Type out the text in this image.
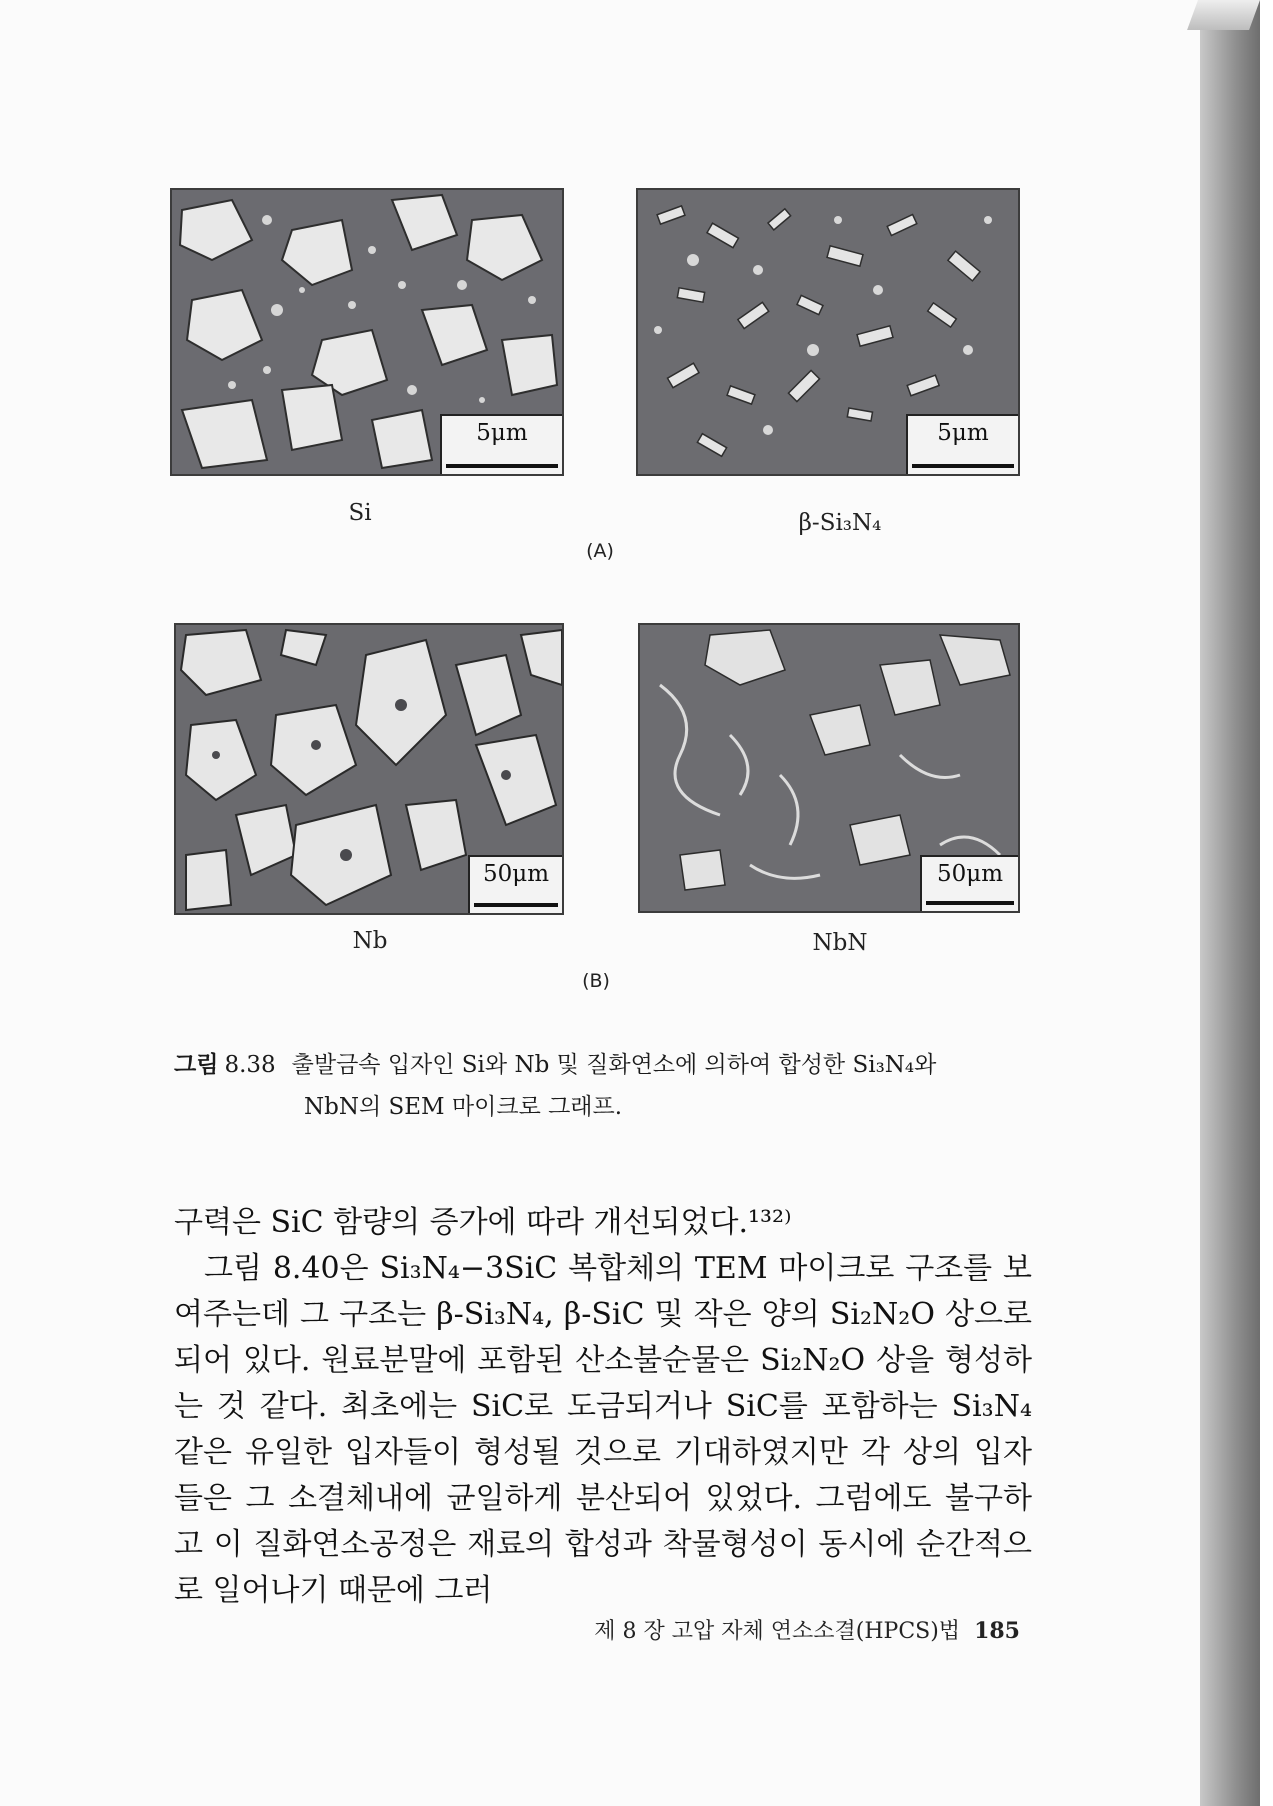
5μm
Si
5μm
β-Si₃N₄
(A)
50μm
Nb
50μm
NbN
(B)
그림 8.38 출발금속 입자인 Si와 Nb 및 질화연소에 의하여 합성한 Si₃N₄와
NbN의 SEM 마이크로 그래프.

구력은 SiC 함량의 증가에 따라 개선되었다.¹³²⁾

그림 8.40은 Si₃N₄−3SiC 복합체의 TEM 마이크로 구조를 보여주는데 그 구조는 β-Si₃N₄, β-SiC 및 작은 양의 Si₂N₂O 상으로 되어 있다. 원료분말에 포함된 산소불순물은 Si₂N₂O 상을 형성하는 것 같다. 최초에는 SiC로 도금되거나 SiC를 포함하는 Si₃N₄ 같은 유일한 입자들이 형성될 것으로 기대하였지만 각 상의 입자들은 그 소결체내에 균일하게 분산되어 있었다. 그럼에도 불구하고 이 질화연소공정은 재료의 합성과 착물형성이 동시에 순간적으로 일어나기 때문에 그러

제 8 장 고압 자체 연소소결(HPCS)법 185
